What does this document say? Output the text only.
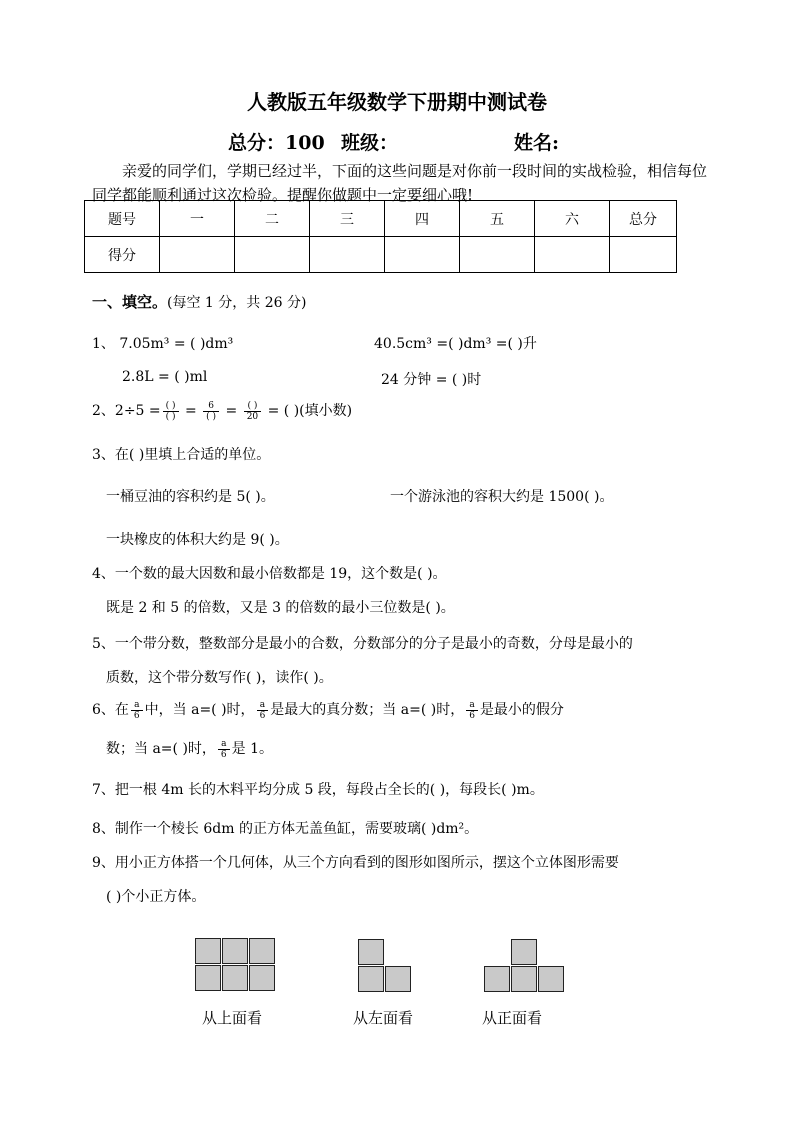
人教版五年级数学下册期中测试卷
总分：100 班级：	姓名:
亲爱的同学们，学期已经过半，下面的这些问题是对你前一段时间的实战检验，相信每位同学都能顺利通过这次检验。提醒你做题中一定要细心哦!
题号	一	二	三	四	五	六	总分
得分							
一、填空。(每空 1 分，共 26 分)
1、 7.05m³ = ( )dm³	40.5cm³ =( )dm³ =( )升
2.8L = ( )ml	24 分钟 = ( )时
2、$2\div 5 = \frac{( )}{( )} = \frac{6}{( )} = \frac{( )}{20}$ = ( )(填小数)
3、在( )里填上合适的单位。
一桶豆油的容积约是 5( )。	一个游泳池的容积大约是 1500( )。
一块橡皮的体积大约是 9( )。
4、一个数的最大因数和最小倍数都是 19，这个数是( )。
既是 2 和 5 的倍数，又是 3 的倍数的最小三位数是( )。
5、一个带分数，整数部分是最小的合数，分数部分的分子是最小的奇数，分母是最小的
质数，这个带分数写作( )，读作( )。
6、在 $\frac{a}{6}$ 中，当 a=( )时， $\frac{a}{6}$ 是最大的真分数；当 a=( )时， $\frac{a}{6}$ 是最小的假分
数；当 a=( )时， $\frac{a}{6}$ 是 1。
7、把一根 4m 长的木料平均分成 5 段，每段占全长的( )，每段长( )m。
8、制作一个棱长 6dm 的正方体无盖鱼缸，需要玻璃( )dm²。
9、用小正方体搭一个几何体，从三个方向看到的图形如图所示，摆这个立体图形需要
( )个小正方体。
从上面看	从左面看	从正面看
